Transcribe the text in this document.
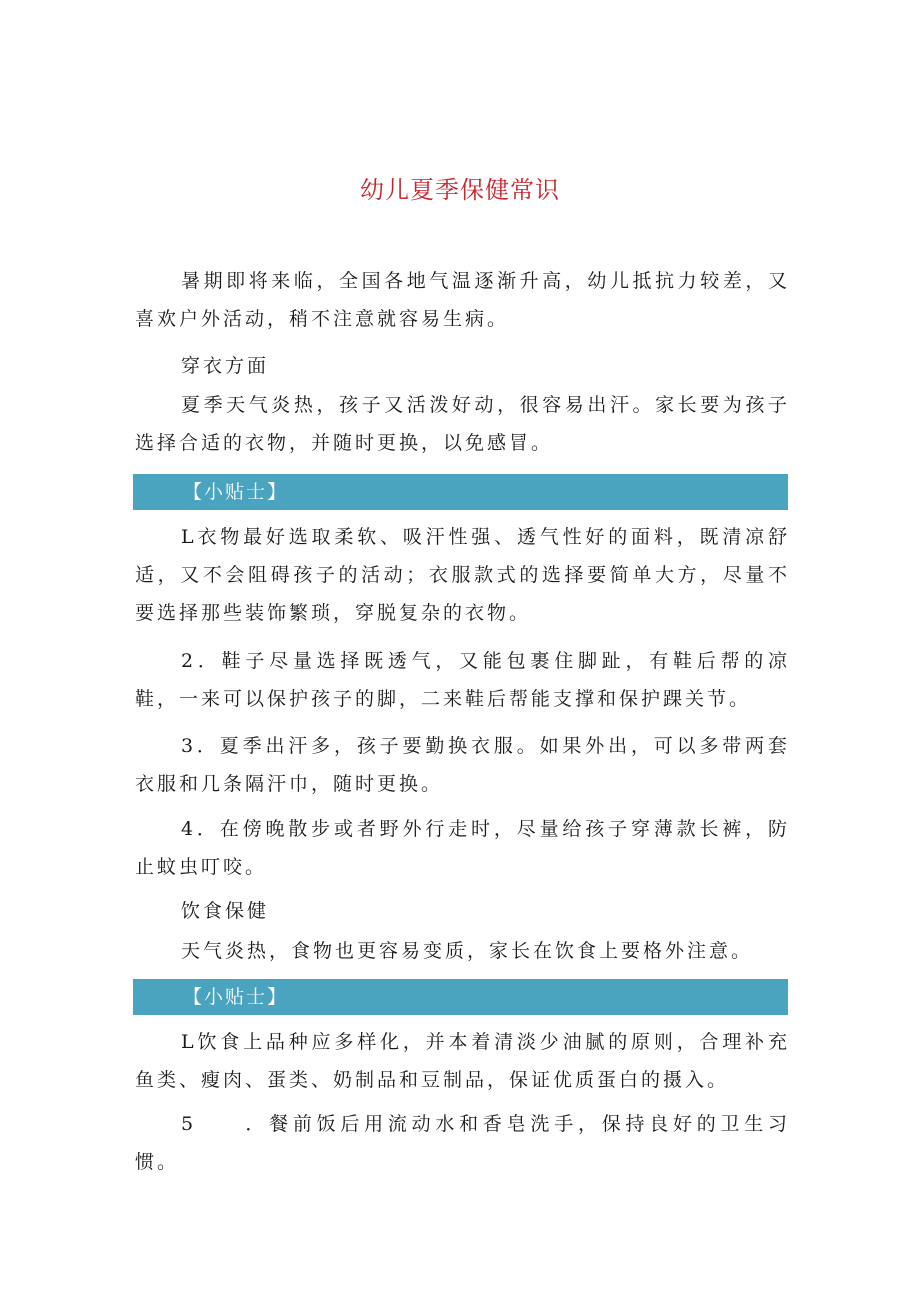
幼儿夏季保健常识
暑期即将来临，全国各地气温逐渐升高，幼儿抵抗力较差，又喜欢户外活动，稍不注意就容易生病。
穿衣方面
夏季天气炎热，孩子又活泼好动，很容易出汗。家长要为孩子选择合适的衣物，并随时更换，以免感冒。
【小贴士】
L衣物最好选取柔软、吸汗性强、透气性好的面料，既清凉舒适，又不会阻碍孩子的活动；衣服款式的选择要简单大方，尽量不要选择那些装饰繁琐，穿脱复杂的衣物。
2．鞋子尽量选择既透气，又能包裹住脚趾，有鞋后帮的凉鞋，一来可以保护孩子的脚，二来鞋后帮能支撑和保护踝关节。
3．夏季出汗多，孩子要勤换衣服。如果外出，可以多带两套衣服和几条隔汗巾，随时更换。
4．在傍晚散步或者野外行走时，尽量给孩子穿薄款长裤，防止蚊虫叮咬。
饮食保健
天气炎热，食物也更容易变质，家长在饮食上要格外注意。
【小贴士】
L饮食上品种应多样化，并本着清淡少油腻的原则，合理补充鱼类、瘦肉、蛋类、奶制品和豆制品，保证优质蛋白的摄入。
5　　．餐前饭后用流动水和香皂洗手，保持良好的卫生习惯。
